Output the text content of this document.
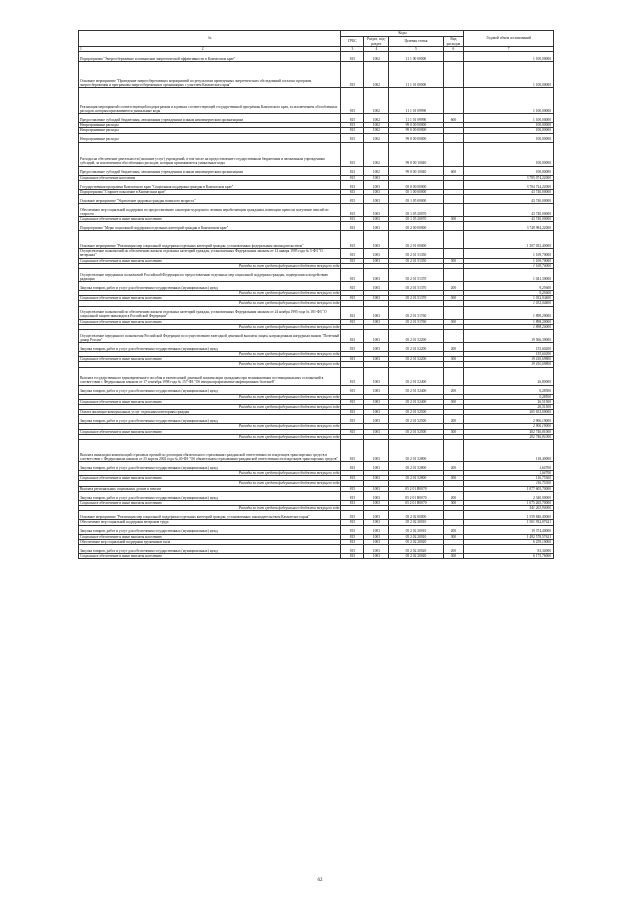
№	Коды				Годовой объем ассигнований
	ГРБС	Раздел, под-раздел	Целевая статья	Вид расходов	
1 2	3	4	5	6	7
Подпрограмма "Энергосбережение и повышение энергетической эффективности в Камчатском крае"	815	1002	11 1 00 00000		1 100,00000
Основное мероприятие "Проведение энергосберегающих мероприятий по результатам проведенных энергетических обследований согласно программ энергосбережения и программам энергосбережения в организациях с участием Камчатского края"	815	1002	11 1 01 00000		1 100,00000
Реализация мероприятий соответствующей подпрограммы и в рамках соответствующей государственной программы Камчатского края, за исключением обособленных расходов, которым присваиваются уникальные коды	815	1002	11 1 01 09990		1 100,00000
Предоставление субсидий бюджетным, автономным учреждениям и иным некоммерческим организациям	815	1002	11 1 01 09990	600	1 100,00000
Непрограммные расходы	815	1002	99 0 00 00000		100,00000
Непрограммные расходы	815	1002	99 0 00 00000		100,00000
Непрограммные расходы	815	1002	99 0 00 00000		100,00000
Расходы на обеспечение деятельности (оказание услуг) учреждений, в том числе на предоставление государственным бюджетным и автономным учреждениям субсидий, за исключением обособленных расходов, которым присваиваются уникальные коды	815	1002	99 0 00 10040		100,00000
Предоставление субсидий бюджетным, автономным учреждениям и иным некоммерческим организациям	815	1002	99 0 00 10040	600	100,00000
Социальное обеспечение населения	815	1003			3 785 074,22000
Государственная программа Камчатского края "Социальная поддержка граждан в Камчатском крае"	815	1003	05 0 00 00000		3 784 724,22000
Подпрограмма "Старшее поколение в Камчатском крае"	815	1003	05 1 00 00000		43 740,00000
Основное мероприятие "Укрепление здоровья граждан пожилого возраста"	815	1003	05 1 05 00000		43 740,00000
Обеспечение мер социальной поддержки по предоставлению санаторно-курортного лечения неработающим гражданам, имеющим право на получение пенсий по старости	815	1003	05 1 05 20070		43 740,00000
Социальное обеспечение и иные выплаты населению	815	1003	05 1 05 20070	300	43 740,00000
Подпрограмма "Меры социальной поддержки отдельных категорий граждан в Камчатском крае"	815	1003	05 2 00 00000		3 740 984,22000
Основное мероприятие "Реализация мер социальной поддержки отдельных категорий граждан, установленных федеральным законодательством"	815	1003	05 2 01 00000		1 307 052,40000
Осуществление полномочий по обеспечению жильем отдельных категорий граждан, установленных Федеральным законом от 12 января 1995 года № 5-ФЗ "О ветеранах"	815	1003	05 2 01 51350		1 169,70000
Социальное обеспечение и иные выплаты населению	815	1003	05 2 01 51350	300	1 169,70000
Расходы за счет средств федерального бюджета текущего года					1 169,70000
Осуществление переданных полномочий Российской Федерации по предоставлению отдельных мер социальной поддержки граждан, подвергшихся воздействию радиации	815	1003	05 2 01 51370		1 041,30000
Закупка товаров, работ и услуг для обеспечения государственных (муниципальных) нужд	815	1003	05 2 01 51370	200	9,25600
Расходы за счет средств федерального бюджета текущего года					9,25600
Социальное обеспечение и иные выплаты населению	815	1003	05 2 01 51370	300	1 032,04400
Расходы за счет средств федерального бюджета текущего года					1 032,04400
Осуществление полномочий по обеспечению жильем отдельных категорий граждан, установленных Федеральным законом от 24 ноября 1995 года № 181-ФЗ "О социальной защите инвалидов в Российской Федерации"	815	1003	05 2 01 51760		1 898,20000
Социальное обеспечение и иные выплаты населению	815	1003	05 2 01 51760	300	1 898,20000
Расходы за счет средств федерального бюджета текущего года					1 898,20000
Осуществление переданного полномочия Российской Федерации по осуществлению ежегодной денежной выплаты лицам, награжденным нагрудным знаком "Почетный донор России"	815	1003	05 2 01 52200		19 566,30000
Закупка товаров, работ и услуг для обеспечения государственных (муниципальных) нужд	815	1003	05 2 01 52200	200	155,60200
Расходы за счет средств федерального бюджета текущего года					155,60200
Социальное обеспечение и иные выплаты населению	815	1003	05 2 01 52200	300	19 410,69800
Расходы за счет средств федерального бюджета текущего года					19 410,69800
Выплата государственного единовременного пособия и ежемесячной денежной компенсации гражданам при возникновении поствакцинальных осложнений в соответствии с Федеральным законом от 17 сентября 1998 года № 157-ФЗ "Об иммунопрофилактике инфекционных болезней"	815	1003	05 2 01 52400		26,80000
Закупка товаров, работ и услуг для обеспечения государственных (муниципальных) нужд	815	1003	05 2 01 52400	200	0,28500
Расходы за счет средств федерального бюджета текущего года					0,28500
Социальное обеспечение и иные выплаты населению	815	1003	05 2 01 52400	300	26,51500
Расходы за счет средств федерального бюджета текущего года					26,51500
Оплата жилищно-коммунальных услуг отдельным категориям граждан	815	1003	05 2 01 52500		205 653,00000
Закупка товаров, работ и услуг для обеспечения государственных (муниципальных) нужд	815	1003	05 2 01 52500	200	2 906,19000
Расходы за счет средств федерального бюджета текущего года					2 906,19000
Социальное обеспечение и иные выплаты населению	815	1003	05 2 01 52500	300	202 746,81000
Расходы за счет средств федерального бюджета текущего года					202 746,81000
Выплата инвалидам компенсаций страховых премий по договорам обязательного страхования гражданской ответственности владельцев транспортных средств в соответствии с Федеральным законом от 25 апреля 2002 года № 40-ФЗ "Об обязательном страховании гражданской ответственности владельцев транспортных средств"	815	1003	05 2 01 52800		118,40000
Закупка товаров, работ и услуг для обеспечения государственных (муниципальных) нужд	815	1003	05 2 01 52800	200	1,64700
Расходы за счет средств федерального бюджета текущего года					1,64700
Социальное обеспечение и иные выплаты населению	815	1003	05 2 01 52800	300	116,75300
Расходы за счет средств федерального бюджета текущего года					116,75300
Выплата региональных социальных доплат к пенсии	815	1003	05 2 01 R0070		1 077 605,70000
Закупка товаров, работ и услуг для обеспечения государственных (муниципальных) нужд	815	1003	05 2 01 R0070	200	2 340,00000
Социальное обеспечение и иные выплаты населению	815	1003	05 2 01 R0070	300	1 075 265,70000
Расходы за счет средств федерального бюджета текущего года					541 263,90000
Основное мероприятие "Реализация мер социальной поддержки отдельных категорий граждан, установленных законодательством Камчатского края"	815	1003	05 2 02 00000		1 559 846,40000
Обеспечение мер социальной поддержки ветеранов труда	815	1003	05 2 02 20010		1 501 932,07621
Закупка товаров, работ и услуг для обеспечения государственных (муниципальных) нужд	815	1003	05 2 02 20010	200	19 374,40000
Социальное обеспечение и иные выплаты населению	815	1003	05 2 02 20010	300	1 482 578,57621
Обеспечение мер социальной поддержки тружеников тыла	815	1003	05 2 02 20020		6 259,10000
Закупка товаров, работ и услуг для обеспечения государственных (муниципальных) нужд	815	1003	05 2 02 20020	200	83,34000
Социальное обеспечение и иные выплаты населению	815	1003	05 2 02 20020	300	6 175,76000
62
